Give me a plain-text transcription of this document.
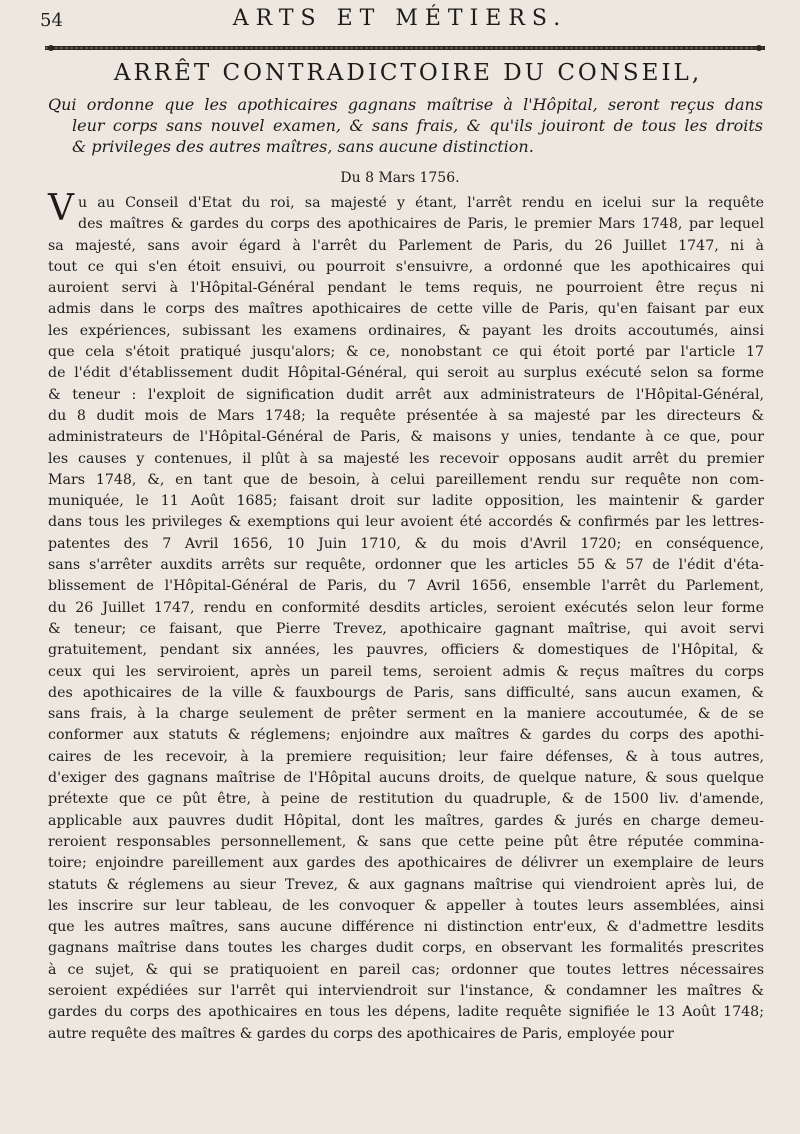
54	ARTS ET MÉTIERS.
ARRÊT CONTRADICTOIRE DU CONSEIL,

Qui ordonne que les apothicaires gagnans maîtrise à l'Hôpital, seront reçus dans
leur corps sans nouvel examen, & sans frais, & qu'ils jouiront de tous les droits
& privileges des autres maîtres, sans aucune distinction.

Du 8 Mars 1756.
V u au Conseil d'Etat du roi, sa majesté y étant, l'arrêt rendu en icelui sur la requête
des maîtres & gardes du corps des apothicaires de Paris, le premier Mars 1748, par lequel
sa majesté, sans avoir égard à l'arrêt du Parlement de Paris, du 26 Juillet 1747, ni à
tout ce qui s'en étoit ensuivi, ou pourroit s'ensuivre, a ordonné que les apothicaires qui
auroient servi à l'Hôpital-Général pendant le tems requis, ne pourroient être reçus ni
admis dans le corps des maîtres apothicaires de cette ville de Paris, qu'en faisant par eux
les expériences, subissant les examens ordinaires, & payant les droits accoutumés, ainsi
que cela s'étoit pratiqué jusqu'alors; & ce, nonobstant ce qui étoit porté par l'article 17
de l'édit d'établissement dudit Hôpital-Général, qui seroit au surplus exécuté selon sa forme
& teneur : l'exploit de signification dudit arrêt aux administrateurs de l'Hôpital-Général,
du 8 dudit mois de Mars 1748; la requête présentée à sa majesté par les directeurs &
administrateurs de l'Hôpital-Général de Paris, & maisons y unies, tendante à ce que, pour
les causes y contenues, il plût à sa majesté les recevoir opposans audit arrêt du premier
Mars 1748, &, en tant que de besoin, à celui pareillement rendu sur requête non com-
muniquée, le 11 Août 1685; faisant droit sur ladite opposition, les maintenir & garder
dans tous les privileges & exemptions qui leur avoient été accordés & confirmés par les lettres-
patentes des 7 Avril 1656, 10 Juin 1710, & du mois d'Avril 1720; en conséquence,
sans s'arrêter auxdits arrêts sur requête, ordonner que les articles 55 & 57 de l'édit d'éta-
blissement de l'Hôpital-Général de Paris, du 7 Avril 1656, ensemble l'arrêt du Parlement,
du 26 Juillet 1747, rendu en conformité desdits articles, seroient exécutés selon leur forme
& teneur; ce faisant, que Pierre Trevez, apothicaire gagnant maîtrise, qui avoit servi
gratuitement, pendant six années, les pauvres, officiers & domestiques de l'Hôpital, &
ceux qui les serviroient, après un pareil tems, seroient admis & reçus maîtres du corps
des apothicaires de la ville & fauxbourgs de Paris, sans difficulté, sans aucun examen, &
sans frais, à la charge seulement de prêter serment en la maniere accoutumée, & de se
conformer aux statuts & réglemens; enjoindre aux maîtres & gardes du corps des apothi-
caires de les recevoir, à la premiere requisition; leur faire défenses, & à tous autres,
d'exiger des gagnans maîtrise de l'Hôpital aucuns droits, de quelque nature, & sous quelque
prétexte que ce pût être, à peine de restitution du quadruple, & de 1500 liv. d'amende,
applicable aux pauvres dudit Hôpital, dont les maîtres, gardes & jurés en charge demeu-
reroient responsables personnellement, & sans que cette peine pût être réputée commina-
toire; enjoindre pareillement aux gardes des apothicaires de délivrer un exemplaire de leurs
statuts & réglemens au sieur Trevez, & aux gagnans maîtrise qui viendroient après lui, de
les inscrire sur leur tableau, de les convoquer & appeller à toutes leurs assemblées, ainsi
que les autres maîtres, sans aucune différence ni distinction entr'eux, & d'admettre lesdits
gagnans maîtrise dans toutes les charges dudit corps, en observant les formalités prescrites
à ce sujet, & qui se pratiquoient en pareil cas; ordonner que toutes lettres nécessaires
seroient expédiées sur l'arrêt qui interviendroit sur l'instance, & condamner les maîtres &
gardes du corps des apothicaires en tous les dépens, ladite requête signifiée le 13 Août 1748;
autre requête des maîtres & gardes du corps des apothicaires de Paris, employée pour
